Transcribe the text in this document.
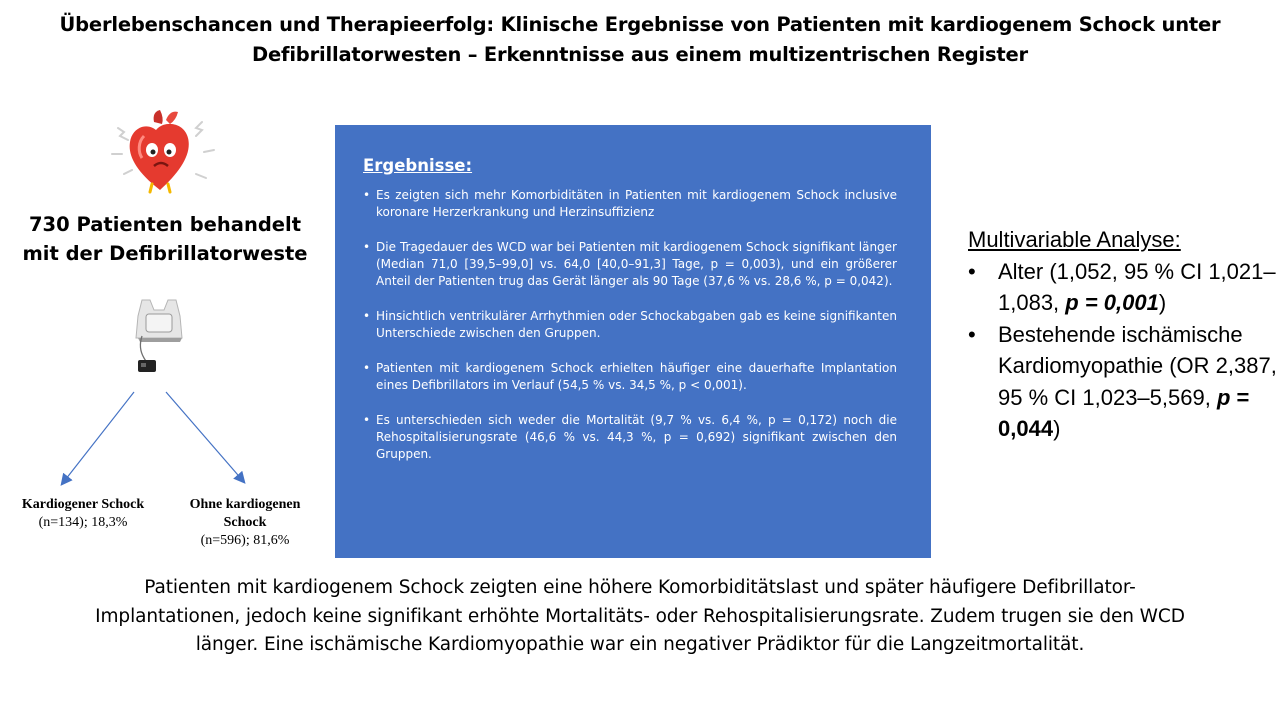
Überlebenschancen und Therapieerfolg: Klinische Ergebnisse von Patienten mit kardiogenem Schock unter
Defibrillatorwesten – Erkenntnisse aus einem multizentrischen Register
730 Patienten behandelt
mit der Defibrillatorweste
Kardiogener Schock
(n=134); 18,3%
Ohne kardiogenen
Schock
(n=596); 81,6%
Ergebnisse:
• Es zeigten sich mehr Komorbiditäten in Patienten mit kardiogenem Schock inclusive koronare Herzerkrankung und Herzinsuffizienz
• Die Tragedauer des WCD war bei Patienten mit kardiogenem Schock signifikant länger (Median 71,0 [39,5–99,0] vs. 64,0 [40,0–91,3] Tage, p = 0,003), und ein größerer Anteil der Patienten trug das Gerät länger als 90 Tage (37,6 % vs. 28,6 %, p = 0,042).
• Hinsichtlich ventrikulärer Arrhythmien oder Schockabgaben gab es keine signifikanten Unterschiede zwischen den Gruppen.
• Patienten mit kardiogenem Schock erhielten häufiger eine dauerhafte Implantation eines Defibrillators im Verlauf (54,5 % vs. 34,5 %, p < 0,001).
• Es unterschieden sich weder die Mortalität (9,7 % vs. 6,4 %, p = 0,172) noch die Rehospitalisierungsrate (46,6 % vs. 44,3 %, p = 0,692) signifikant zwischen den Gruppen.
Multivariable Analyse:
• Alter (1,052, 95 % CI 1,021–1,083, p = 0,001)
• Bestehende ischämische Kardiomyopathie (OR 2,387, 95 % CI 1,023–5,569, p = 0,044)
Patienten mit kardiogenem Schock zeigten eine höhere Komorbiditätslast und später häufigere Defibrillator-
Implantationen, jedoch keine signifikant erhöhte Mortalitäts- oder Rehospitalisierungsrate. Zudem trugen sie den WCD
länger. Eine ischämische Kardiomyopathie war ein negativer Prädiktor für die Langzeitmortalität.
